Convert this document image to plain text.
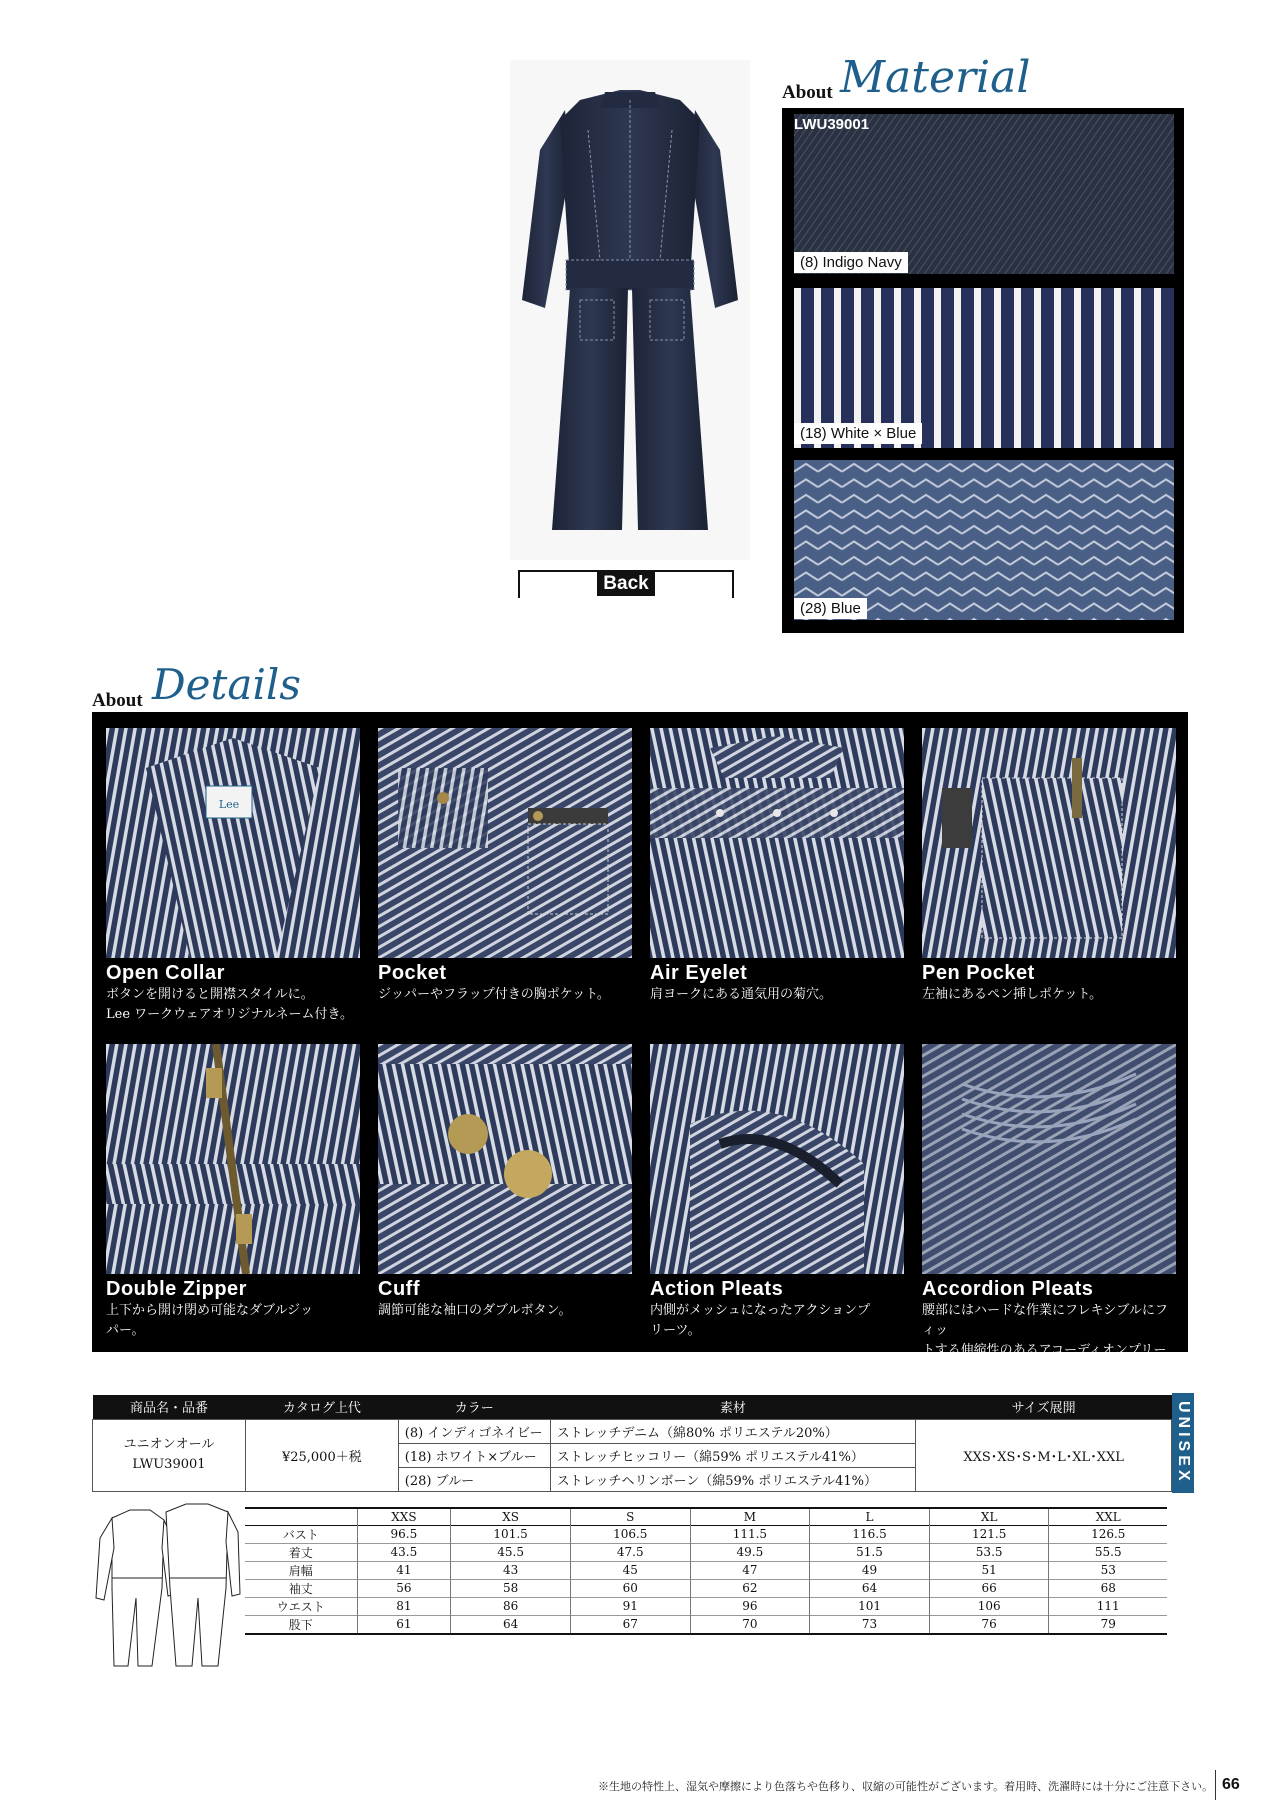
Back
About Material
LWU39001
(8) Indigo Navy
(18) White × Blue
(28) Blue
About Details
Lee
Open Collar
ボタンを開けると開襟スタイルに。
Lee ワークウェアオリジナルネーム付き。
Pocket
ジッパーやフラップ付きの胸ポケット。
Air Eyelet
肩ヨークにある通気用の菊穴。
Pen Pocket
左袖にあるペン挿しポケット。
Double Zipper
上下から開け閉め可能なダブルジッ
パー。
Cuff
調節可能な袖口のダブルボタン。
Action Pleats
内側がメッシュになったアクションプ
リーツ。
Accordion Pleats
腰部にはハードな作業にフレキシブルにフィッ
トする伸縮性のあるアコーディオンプリーツ。
商品名・品番	カタログ上代	カラー	素材	サイズ展開

ユニオンオール
LWU39001	¥25,000＋税	(8) インディゴネイビー	ストレッチデニム（綿80% ポリエステル20%）	XXS･XS･S･M･L･XL･XXL
		(18) ホワイト×ブルー	ストレッチヒッコリー（綿59% ポリエステル41%）	
		(28) ブルー	ストレッチヘリンボーン（綿59% ポリエステル41%）		UNISEX
	XXS	XS	S	M	L	XL	XXL
バスト	96.5	101.5	106.5	111.5	116.5	121.5	126.5
着丈	43.5	45.5	47.5	49.5	51.5	53.5	55.5
肩幅	41	43	45	47	49	51	53
袖丈	56	58	60	62	64	66	68
ウエスト	81	86	91	96	101	106	111
股下	61	64	67	70	73	76	79
※生地の特性上、湿気や摩擦により色落ちや色移り、収縮の可能性がございます。着用時、洗濯時には十分にご注意下さい。 66
